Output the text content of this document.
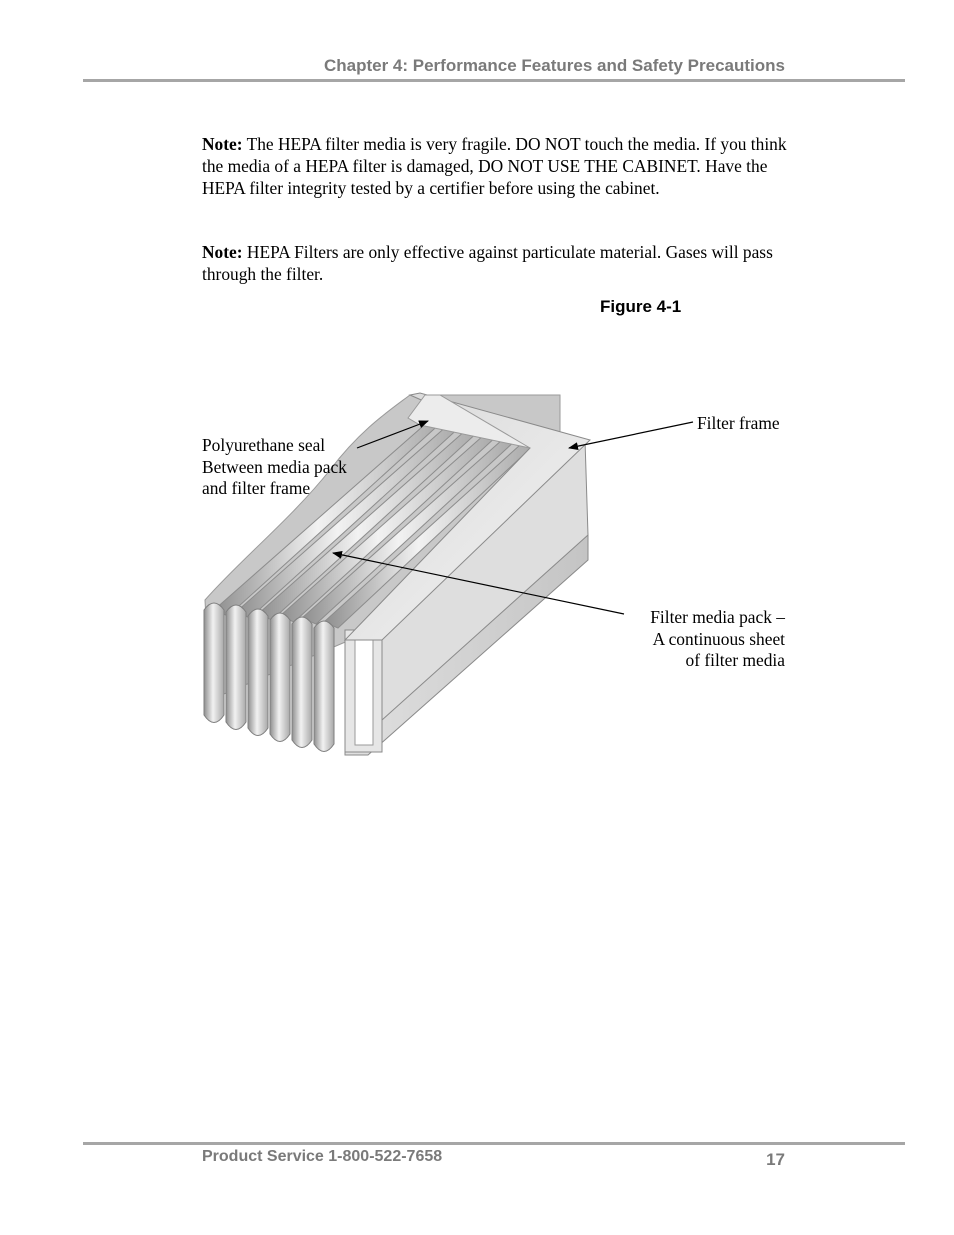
Chapter 4: Performance Features and Safety Precautions
Note: The HEPA filter media is very fragile. DO NOT touch the media. If you think the media of a HEPA filter is damaged, DO NOT USE THE CABINET. Have the HEPA filter integrity tested by a certifier before using the cabinet.
Note: HEPA Filters are only effective against particulate material. Gases will pass through the filter.
Figure 4-1
Polyurethane seal
Between media pack
and filter frame
Filter frame
Filter media pack –
A continuous sheet
of filter media
Product Service 1-800-522-7658	17
